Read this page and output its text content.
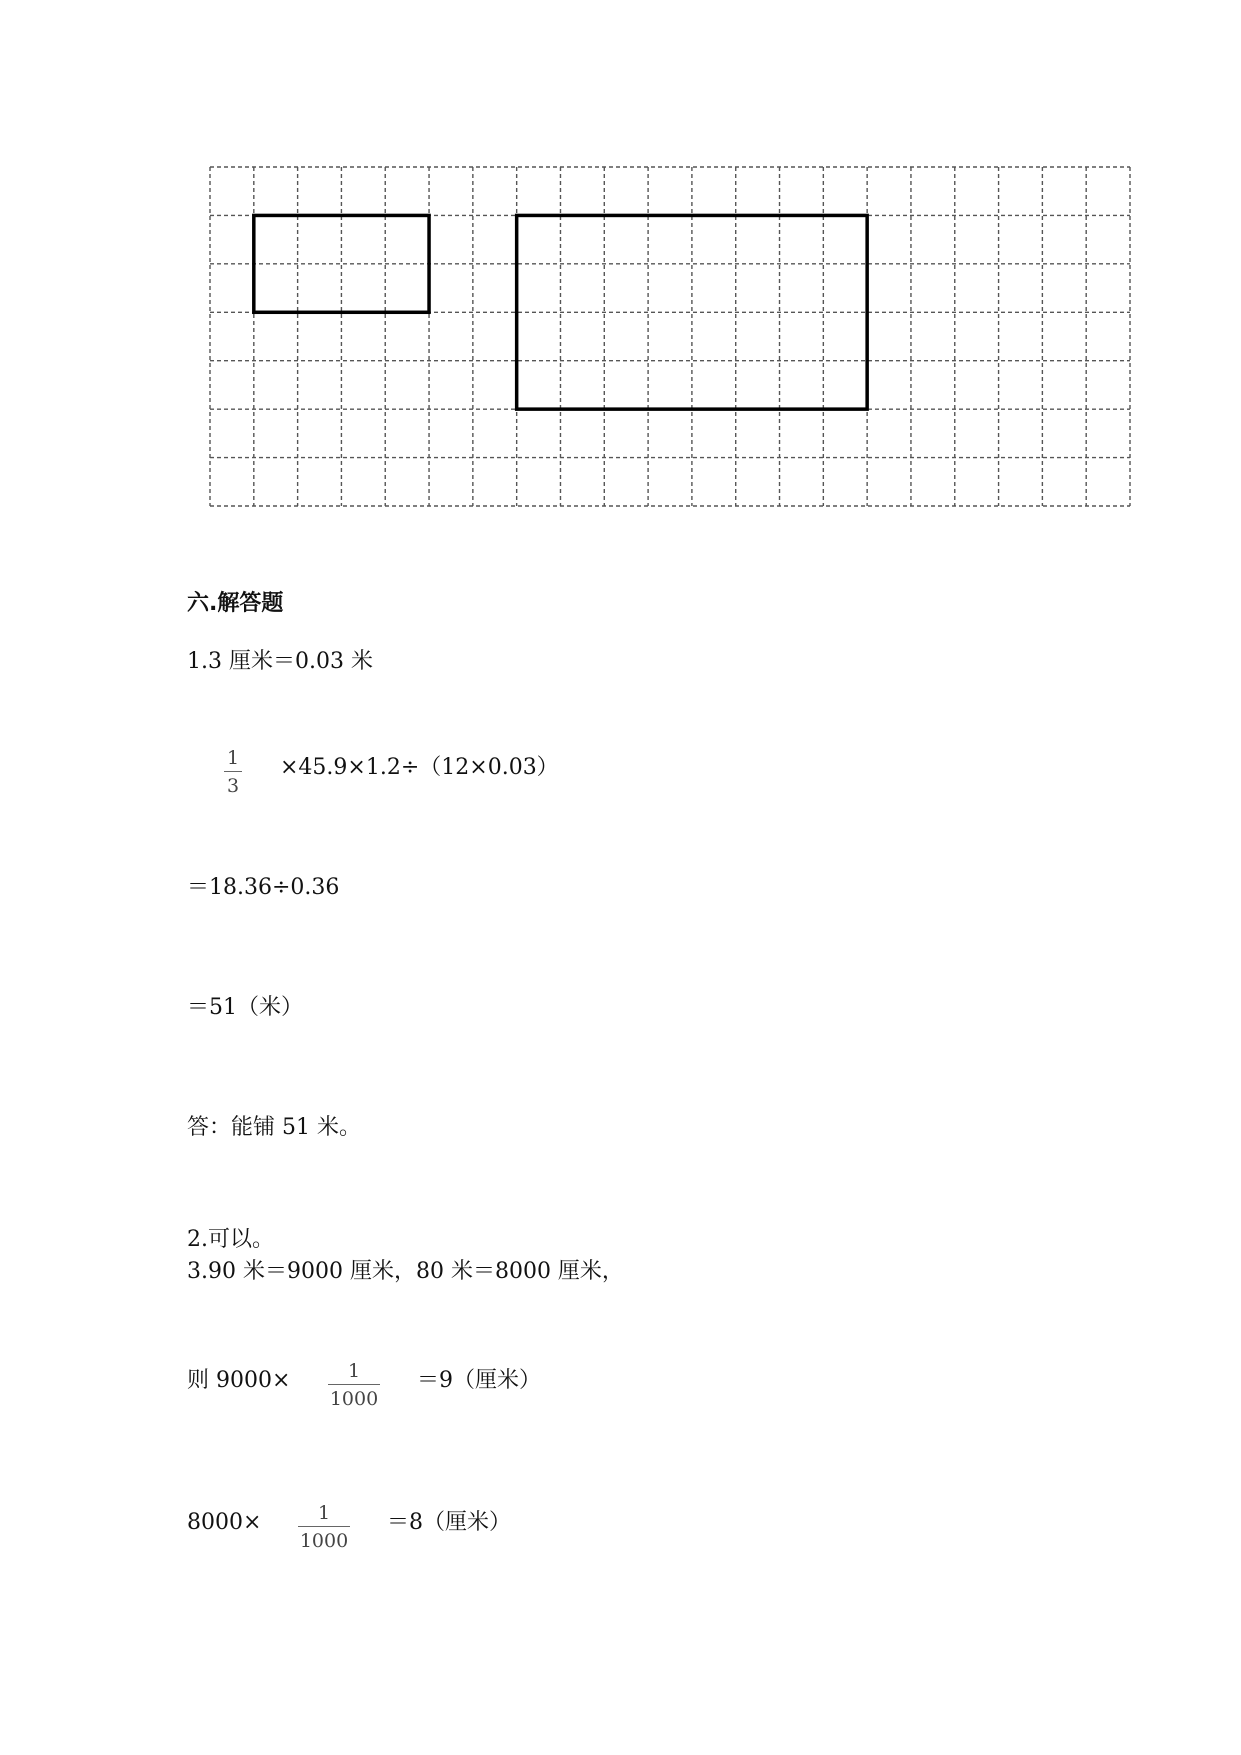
六.解答题
1.3 厘米＝0.03 米
1
3
×45.9×1.2÷（12×0.03）
＝18.36÷0.36
＝51（米）
答：能铺 51 米。
2.可以。
3.90 米＝9000 厘米，80 米＝8000 厘米，
则 9000×	1
1000
＝9（厘米）
8000×	1
1000
＝8（厘米）
